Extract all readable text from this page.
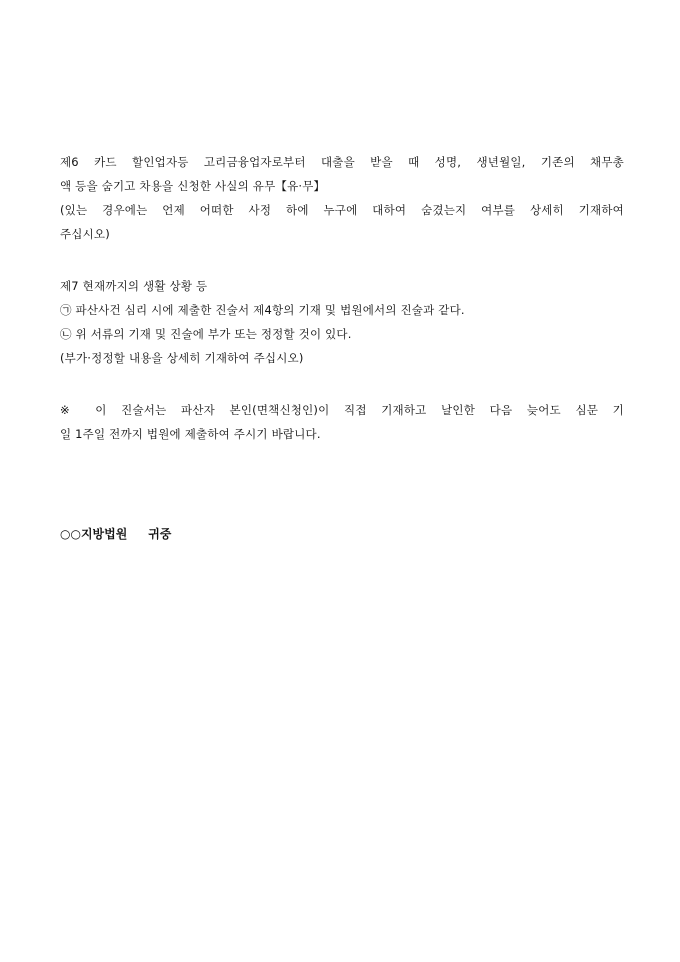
제6 카드 할인업자등 고리금융업자로부터 대출을 받을 때 성명, 생년월일, 기존의 채무총
액 등을 숨기고 차용을 신청한 사실의 유무【유·무】
(있는 경우에는 언제 어떠한 사정 하에 누구에 대하여 숨겼는지 여부를 상세히 기재하여
주십시오)
제7 현재까지의 생활 상황 등
㉠ 파산사건 심리 시에 제출한 진술서 제4항의 기재 및 법원에서의 진술과 같다.
㉡ 위 서류의 기재 및 진술에 부가 또는 정정할 것이 있다.
(부가·정정할 내용을 상세히 기재하여 주십시오)
※ 이 진술서는 파산자 본인(면책신청인)이 직접 기재하고 날인한 다음 늦어도 심문 기
일 1주일 전까지 법원에 제출하여 주시기 바랍니다.
○○지방법원     귀중
